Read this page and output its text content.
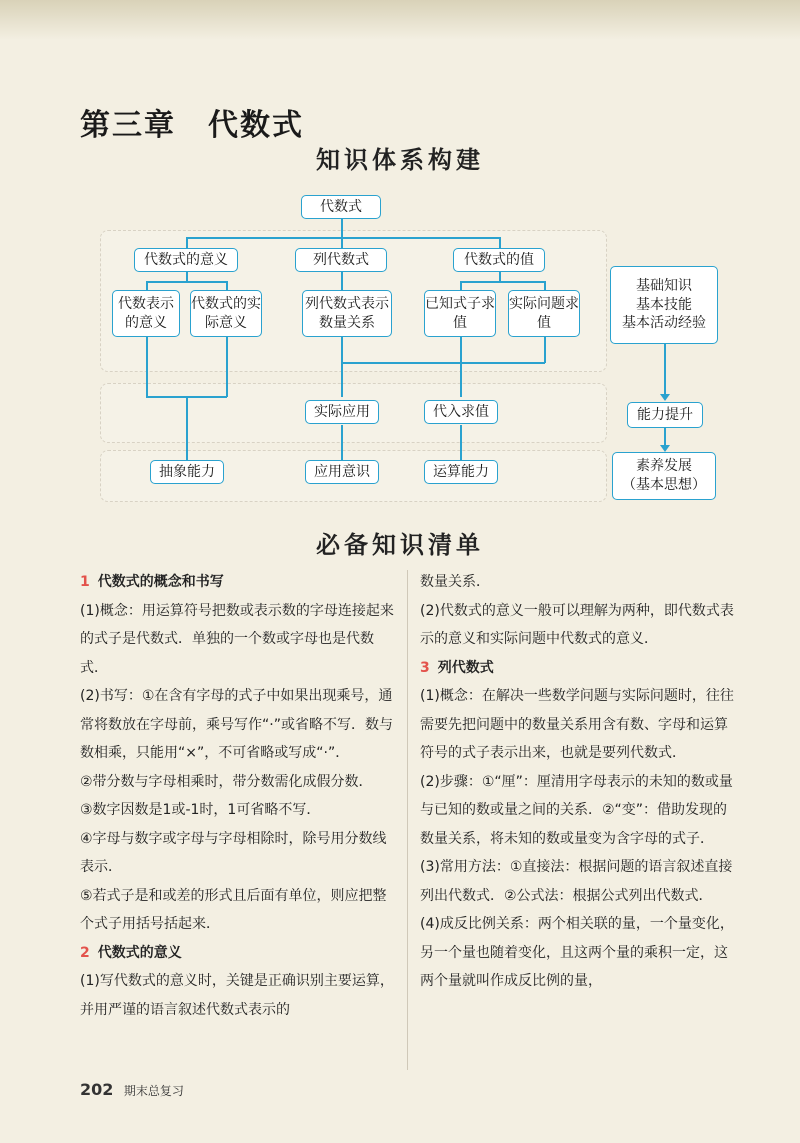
第三章　代数式
知识体系构建
代数式
代数式的意义	列代数式	代数式的值
代数表示的意义
代数式的实际意义
列代数式表示数量关系
已知式子求值
实际问题求值
实际应用	代入求值
抽象能力	应用意识	运算能力
基础知识
基本技能
基本活动经验
能力提升
素养发展
（基本思想）
必备知识清单

1 代数式的概念和书写

(1)概念：用运算符号把数或表示数的字母连接起来的式子是代数式．单独的一个数或字母也是代数式．

(2)书写：①在含有字母的式子中如果出现乘号，通常将数放在字母前，乘号写作“·”或省略不写．数与数相乘，只能用“×”，不可省略或写成“·”．

②带分数与字母相乘时，带分数需化成假分数．

③数字因数是1或-1时，1可省略不写．

④字母与数字或字母与字母相除时，除号用分数线表示．

⑤若式子是和或差的形式且后面有单位，则应把整个式子用括号括起来．

2 代数式的意义

(1)写代数式的意义时，关键是正确识别主要运算，并用严谨的语言叙述代数式表示的

数量关系．

(2)代数式的意义一般可以理解为两种，即代数式表示的意义和实际问题中代数式的意义．

3 列代数式

(1)概念：在解决一些数学问题与实际问题时，往往需要先把问题中的数量关系用含有数、字母和运算符号的式子表示出来，也就是要列代数式．

(2)步骤：①“厘”：厘清用字母表示的未知的数或量与已知的数或量之间的关系．②“变”：借助发现的数量关系，将未知的数或量变为含字母的式子．

(3)常用方法：①直接法：根据问题的语言叙述直接列出代数式．②公式法：根据公式列出代数式．

(4)成反比例关系：两个相关联的量，一个量变化，另一个量也随着变化，且这两个量的乘积一定，这两个量就叫作成反比例的量，

202 期末总复习
